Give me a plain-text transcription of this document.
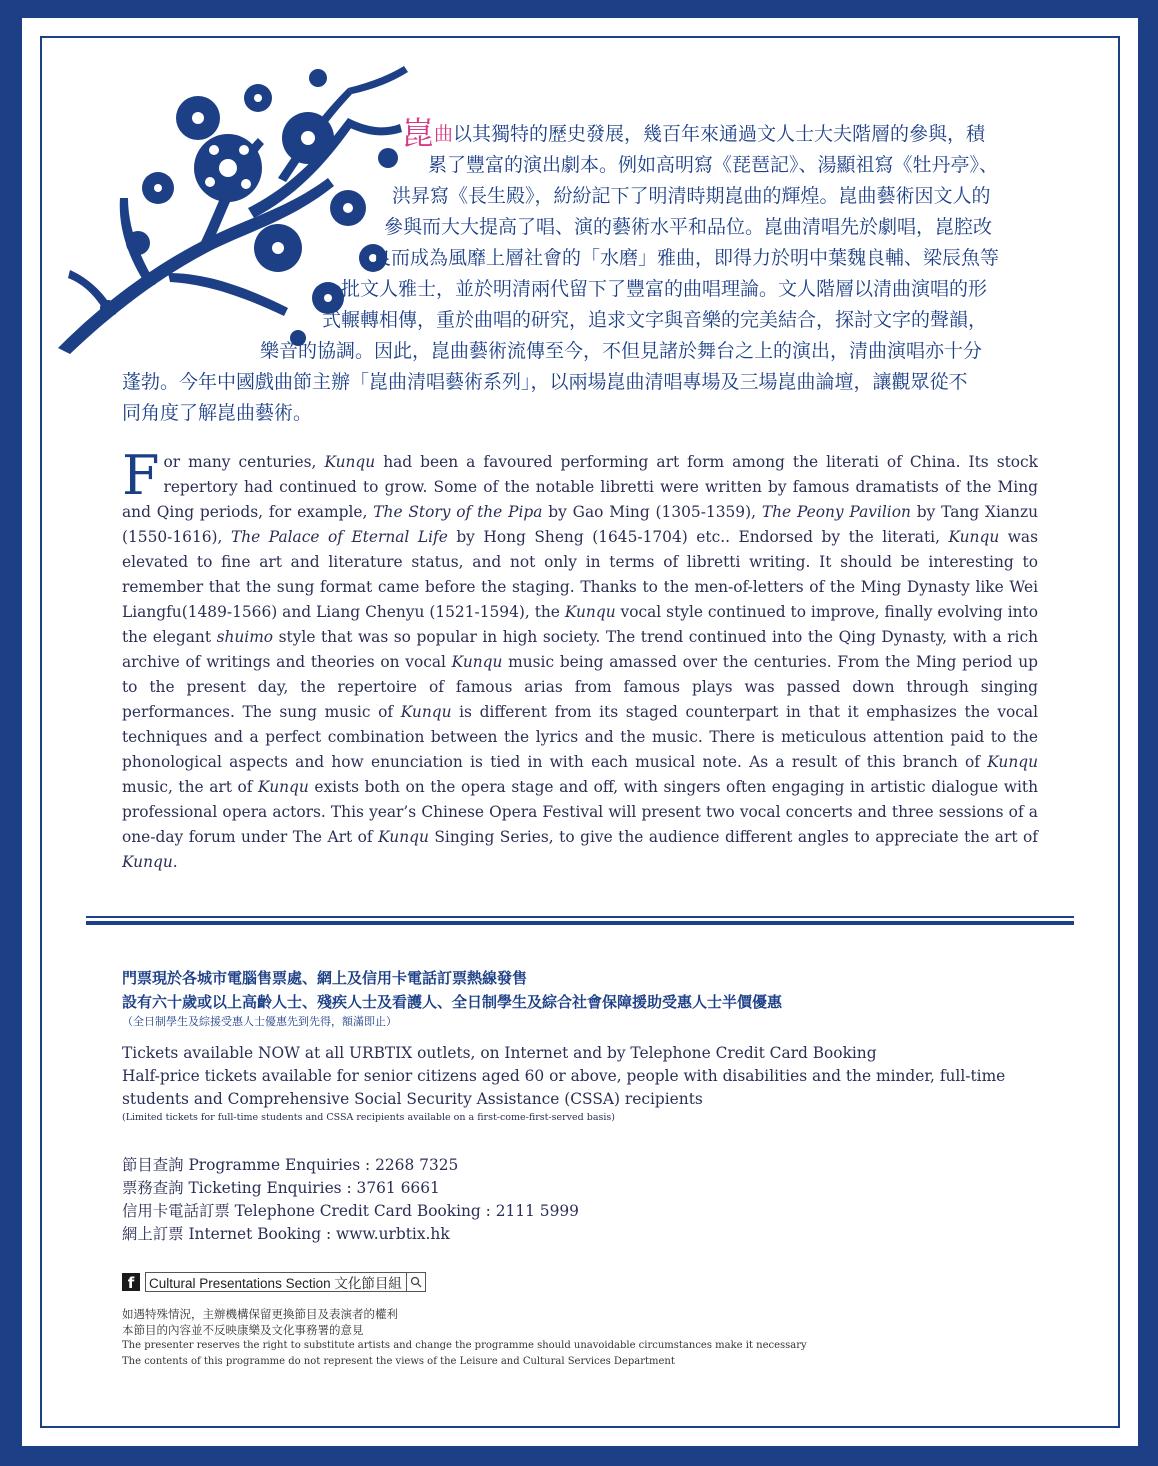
崑曲以其獨特的歷史發展，幾百年來通過文人士大夫階層的參與，積
累了豐富的演出劇本。例如高明寫《琵琶記》、湯顯祖寫《牡丹亭》、
洪昇寫《長生殿》，紛紛記下了明清時期崑曲的輝煌。崑曲藝術因文人的
參與而大大提高了唱、演的藝術水平和品位。崑曲清唱先於劇唱，崑腔改
良而成為風靡上層社會的「水磨」雅曲，即得力於明中葉魏良輔、梁辰魚等
一批文人雅士，並於明清兩代留下了豐富的曲唱理論。文人階層以清曲演唱的形
式輾轉相傳，重於曲唱的研究，追求文字與音樂的完美結合，探討文字的聲韻，
樂音的協調。因此，崑曲藝術流傳至今，不但見諸於舞台之上的演出，清曲演唱亦十分
蓬勃。今年中國戲曲節主辦「崑曲清唱藝術系列」，以兩場崑曲清唱專場及三場崑曲論壇，讓觀眾從不
同角度了解崑曲藝術。
For many centuries, Kunqu had been a favoured performing art form among the literati of China. Its stock repertory had continued to grow. Some of the notable libretti were written by famous dramatists of the Ming and Qing periods, for example, The Story of the Pipa by Gao Ming (1305-1359), The Peony Pavilion by Tang Xianzu (1550-1616), The Palace of Eternal Life by Hong Sheng (1645-1704) etc.. Endorsed by the literati, Kunqu was elevated to fine art and literature status, and not only in terms of libretti writing. It should be interesting to remember that the sung format came before the staging. Thanks to the men-of-letters of the Ming Dynasty like Wei Liangfu(1489-1566) and Liang Chenyu (1521-1594), the Kunqu vocal style continued to improve, finally evolving into the elegant shuimo style that was so popular in high society. The trend continued into the Qing Dynasty, with a rich archive of writings and theories on vocal Kunqu music being amassed over the centuries. From the Ming period up to the present day, the repertoire of famous arias from famous plays was passed down through singing performances. The sung music of Kunqu is different from its staged counterpart in that it emphasizes the vocal techniques and a perfect combination between the lyrics and the music. There is meticulous attention paid to the phonological aspects and how enunciation is tied in with each musical note. As a result of this branch of Kunqu music, the art of Kunqu exists both on the opera stage and off, with singers often engaging in artistic dialogue with professional opera actors. This year’s Chinese Opera Festival will present two vocal concerts and three sessions of a one-day forum under The Art of Kunqu Singing Series, to give the audience different angles to appreciate the art of Kunqu.
門票現於各城市電腦售票處、網上及信用卡電話訂票熱線發售
設有六十歲或以上高齡人士、殘疾人士及看護人、全日制學生及綜合社會保障援助受惠人士半價優惠
（全日制學生及綜援受惠人士優惠先到先得，額滿即止）
Tickets available NOW at all URBTIX outlets, on Internet and by Telephone Credit Card Booking
Half-price tickets available for senior citizens aged 60 or above, people with disabilities and the minder, full-time students and Comprehensive Social Security Assistance (CSSA) recipients
(Limited tickets for full-time students and CSSA recipients available on a first-come-first-served basis)
節目查詢 Programme Enquiries : 2268 7325
票務查詢 Ticketing Enquiries : 3761 6661
信用卡電話訂票 Telephone Credit Card Booking : 2111 5999
網上訂票 Internet Booking : www.urbtix.hk
f	Cultural Presentations Section 文化節目組
如遇特殊情況，主辦機構保留更換節目及表演者的權利
本節目的內容並不反映康樂及文化事務署的意見
The presenter reserves the right to substitute artists and change the programme should unavoidable circumstances make it necessary
The contents of this programme do not represent the views of the Leisure and Cultural Services Department
